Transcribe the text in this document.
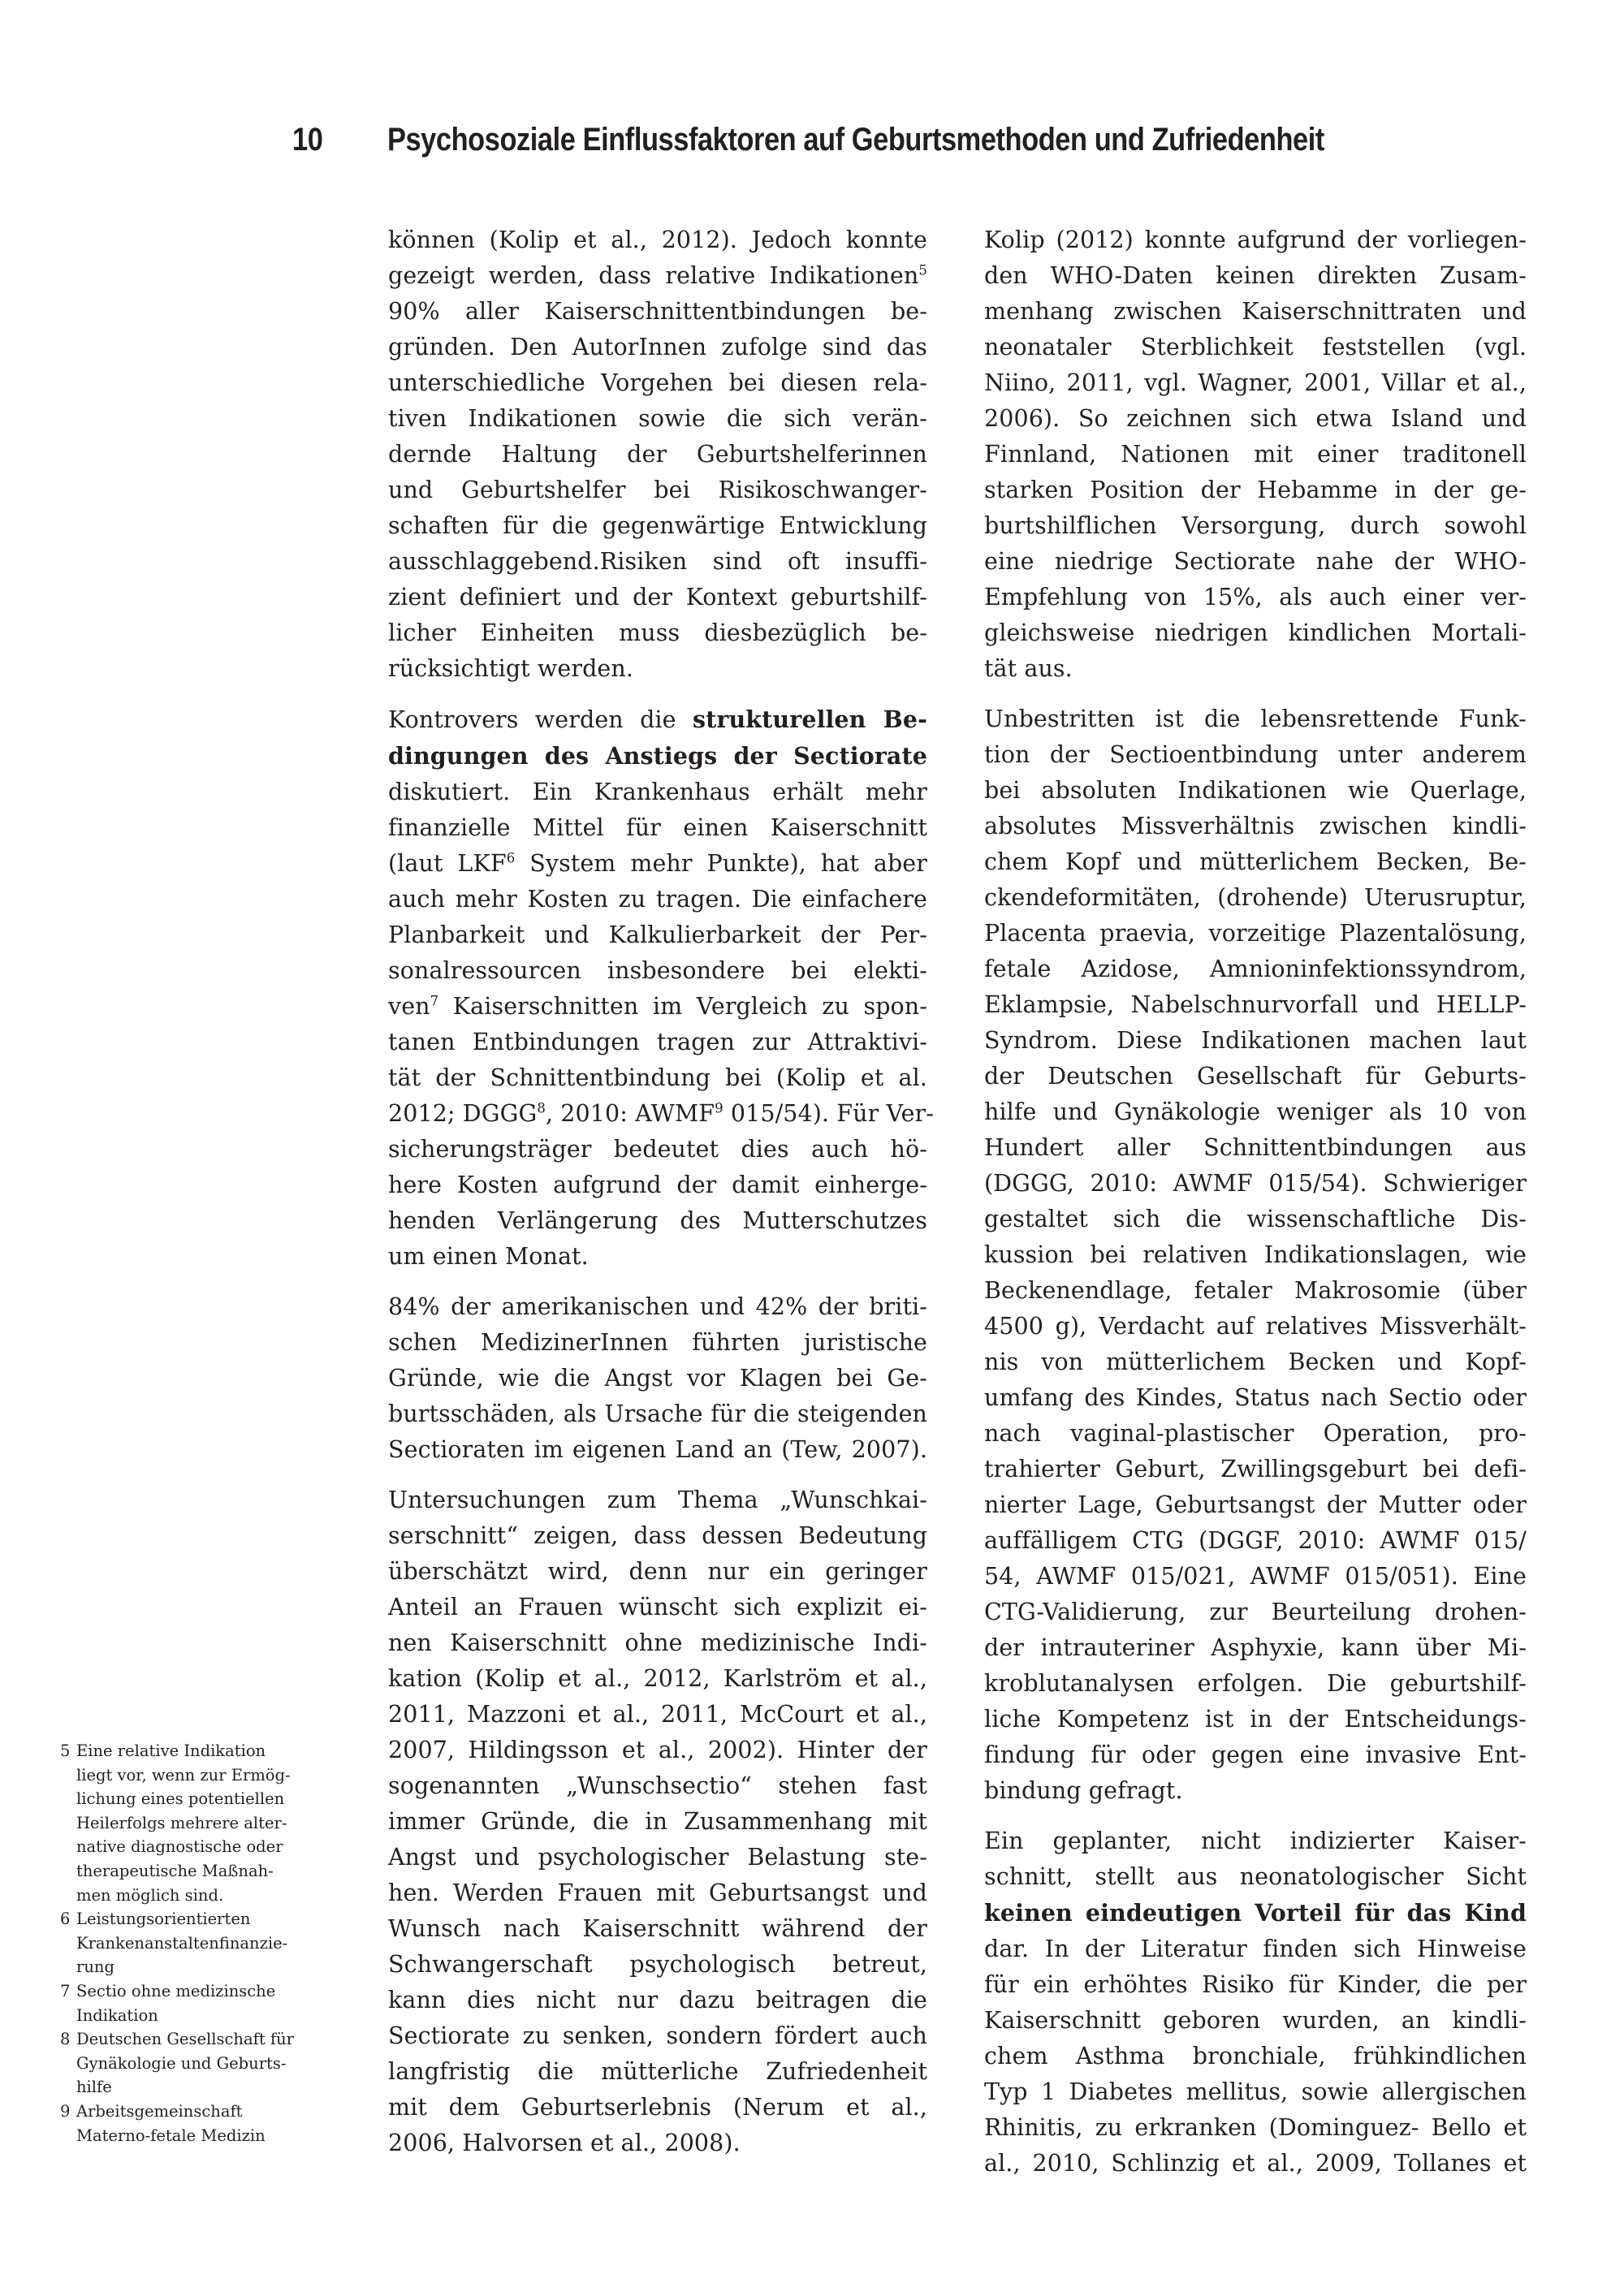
10 Psychosoziale Einflussfaktoren auf Geburtsmethoden und Zufriedenheit

können (Kolip et al., 2012). Jedoch konnte
gezeigt werden, dass relative Indikationen$^5$
90% aller Kaiserschnittentbindungen be-
gründen. Den AutorInnen zufolge sind das
unterschiedliche Vorgehen bei diesen rela-
tiven Indikationen sowie die sich verän-
dernde Haltung der Geburtshelferinnen
und Geburtshelfer bei Risikoschwanger-
schaften für die gegenwärtige Entwicklung
ausschlaggebend.Risiken sind oft insuffi-
zient definiert und der Kontext geburtshilf-
licher Einheiten muss diesbezüglich be-
rücksichtigt werden.

Kontrovers werden die strukturellen Be-
dingungen des Anstiegs der Sectiorate
diskutiert. Ein Krankenhaus erhält mehr
finanzielle Mittel für einen Kaiserschnitt
(laut LKF$^6$ System mehr Punkte), hat aber
auch mehr Kosten zu tragen. Die einfachere
Planbarkeit und Kalkulierbarkeit der Per-
sonalressourcen insbesondere bei elekti-
ven$^7$ Kaiserschnitten im Vergleich zu spon-
tanen Entbindungen tragen zur Attraktivi-
tät der Schnittentbindung bei (Kolip et al.
2012; DGGG$^8$, 2010: AWMF$^9$ 015/54). Für Ver-
sicherungsträger bedeutet dies auch hö-
here Kosten aufgrund der damit einherge-
henden Verlängerung des Mutterschutzes
um einen Monat.

84% der amerikanischen und 42% der briti-
schen MedizinerInnen führten juristische
Gründe, wie die Angst vor Klagen bei Ge-
burtsschäden, als Ursache für die steigenden
Sectioraten im eigenen Land an (Tew, 2007).

Untersuchungen zum Thema „Wunschkai-
serschnitt“ zeigen, dass dessen Bedeutung
überschätzt wird, denn nur ein geringer
Anteil an Frauen wünscht sich explizit ei-
nen Kaiserschnitt ohne medizinische Indi-
kation (Kolip et al., 2012, Karlström et al.,
2011, Mazzoni et al., 2011, McCourt et al.,
2007, Hildingsson et al., 2002). Hinter der
sogenannten „Wunschsectio“ stehen fast
immer Gründe, die in Zusammenhang mit
Angst und psychologischer Belastung ste-
hen. Werden Frauen mit Geburtsangst und
Wunsch nach Kaiserschnitt während der
Schwangerschaft psychologisch betreut,
kann dies nicht nur dazu beitragen die
Sectiorate zu senken, sondern fördert auch
langfristig die mütterliche Zufriedenheit
mit dem Geburtserlebnis (Nerum et al.,
2006, Halvorsen et al., 2008).

Kolip (2012) konnte aufgrund der vorliegen-
den WHO-Daten keinen direkten Zusam-
menhang zwischen Kaiserschnittraten und
neonataler Sterblichkeit feststellen (vgl.
Niino, 2011, vgl. Wagner, 2001, Villar et al.,
2006). So zeichnen sich etwa Island und
Finnland, Nationen mit einer traditonell
starken Position der Hebamme in der ge-
burtshilflichen Versorgung, durch sowohl
eine niedrige Sectiorate nahe der WHO-
Empfehlung von 15%, als auch einer ver-
gleichsweise niedrigen kindlichen Mortali-
tät aus.

Unbestritten ist die lebensrettende Funk-
tion der Sectioentbindung unter anderem
bei absoluten Indikationen wie Querlage,
absolutes Missverhältnis zwischen kindli-
chem Kopf und mütterlichem Becken, Be-
ckendeformitäten, (drohende) Uterusruptur,
Placenta praevia, vorzeitige Plazentalösung,
fetale Azidose, Amnioninfektionssyndrom,
Eklampsie, Nabelschnurvorfall und HELLP-
Syndrom. Diese Indikationen machen laut
der Deutschen Gesellschaft für Geburts-
hilfe und Gynäkologie weniger als 10 von
Hundert aller Schnittentbindungen aus
(DGGG, 2010: AWMF 015/54). Schwieriger
gestaltet sich die wissenschaftliche Dis-
kussion bei relativen Indikationslagen, wie
Beckenendlage, fetaler Makrosomie (über
4500 g), Verdacht auf relatives Missverhält-
nis von mütterlichem Becken und Kopf-
umfang des Kindes, Status nach Sectio oder
nach vaginal-plastischer Operation, pro-
trahierter Geburt, Zwillingsgeburt bei defi-
nierter Lage, Geburtsangst der Mutter oder
auffälligem CTG (DGGF, 2010: AWMF 015/
54, AWMF 015/021, AWMF 015/051). Eine
CTG-Validierung, zur Beurteilung drohen-
der intrauteriner Asphyxie, kann über Mi-
kroblutanalysen erfolgen. Die geburtshilf-
liche Kompetenz ist in der Entscheidungs-
findung für oder gegen eine invasive Ent-
bindung gefragt.

Ein geplanter, nicht indizierter Kaiser-
schnitt, stellt aus neonatologischer Sicht
keinen eindeutigen Vorteil für das Kind
dar. In der Literatur finden sich Hinweise
für ein erhöhtes Risiko für Kinder, die per
Kaiserschnitt geboren wurden, an kindli-
chem Asthma bronchiale, frühkindlichen
Typ 1 Diabetes mellitus, sowie allergischen
Rhinitis, zu erkranken (Dominguez- Bello et
al., 2010, Schlinzig et al., 2009, Tollanes et

5 Eine relative Indikation
liegt vor, wenn zur Ermög-
lichung eines potentiellen
Heilerfolgs mehrere alter-
native diagnostische oder
therapeutische Maßnah-
men möglich sind.
6 Leistungsorientierten
Krankenanstaltenfinanzie-
rung
7 Sectio ohne medizinsche
Indikation
8 Deutschen Gesellschaft für
Gynäkologie und Geburts-
hilfe
9 Arbeitsgemeinschaft
Materno-fetale Medizin
